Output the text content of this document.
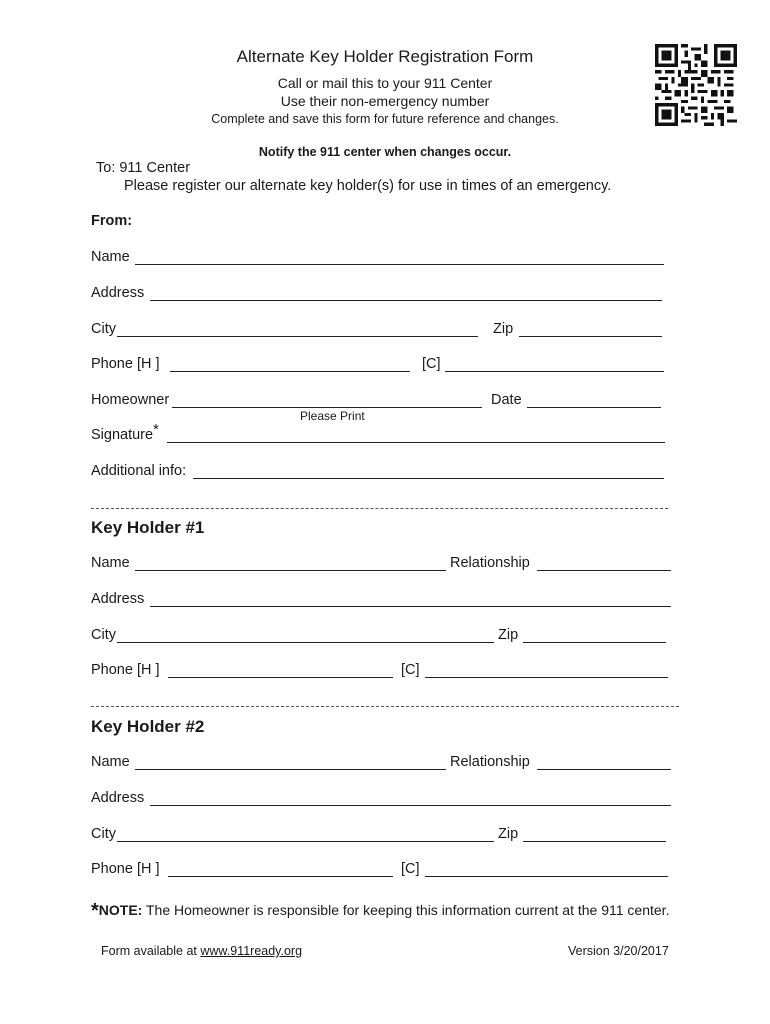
Alternate Key Holder Registration Form
Call or mail this to your 911 Center
Use their non-emergency number
Complete and save this form for future reference and changes.
Notify the 911 center when changes occur.
To: 911 Center
Please register our alternate key holder(s) for use in times of an emergency.
From:
Name
Address
City	Zip
Phone [H ]	[C]
Homeowner	Date
Please Print
Signature*
Additional info:
Key Holder #1
Name	Relationship
Address
City	Zip
Phone [H ]	[C]
Key Holder #2
Name	Relationship
Address
City	Zip
Phone [H ]	[C]
*NOTE: The Homeowner is responsible for keeping this information current at the 911 center.
Form available at www.911ready.org	Version 3/20/2017
